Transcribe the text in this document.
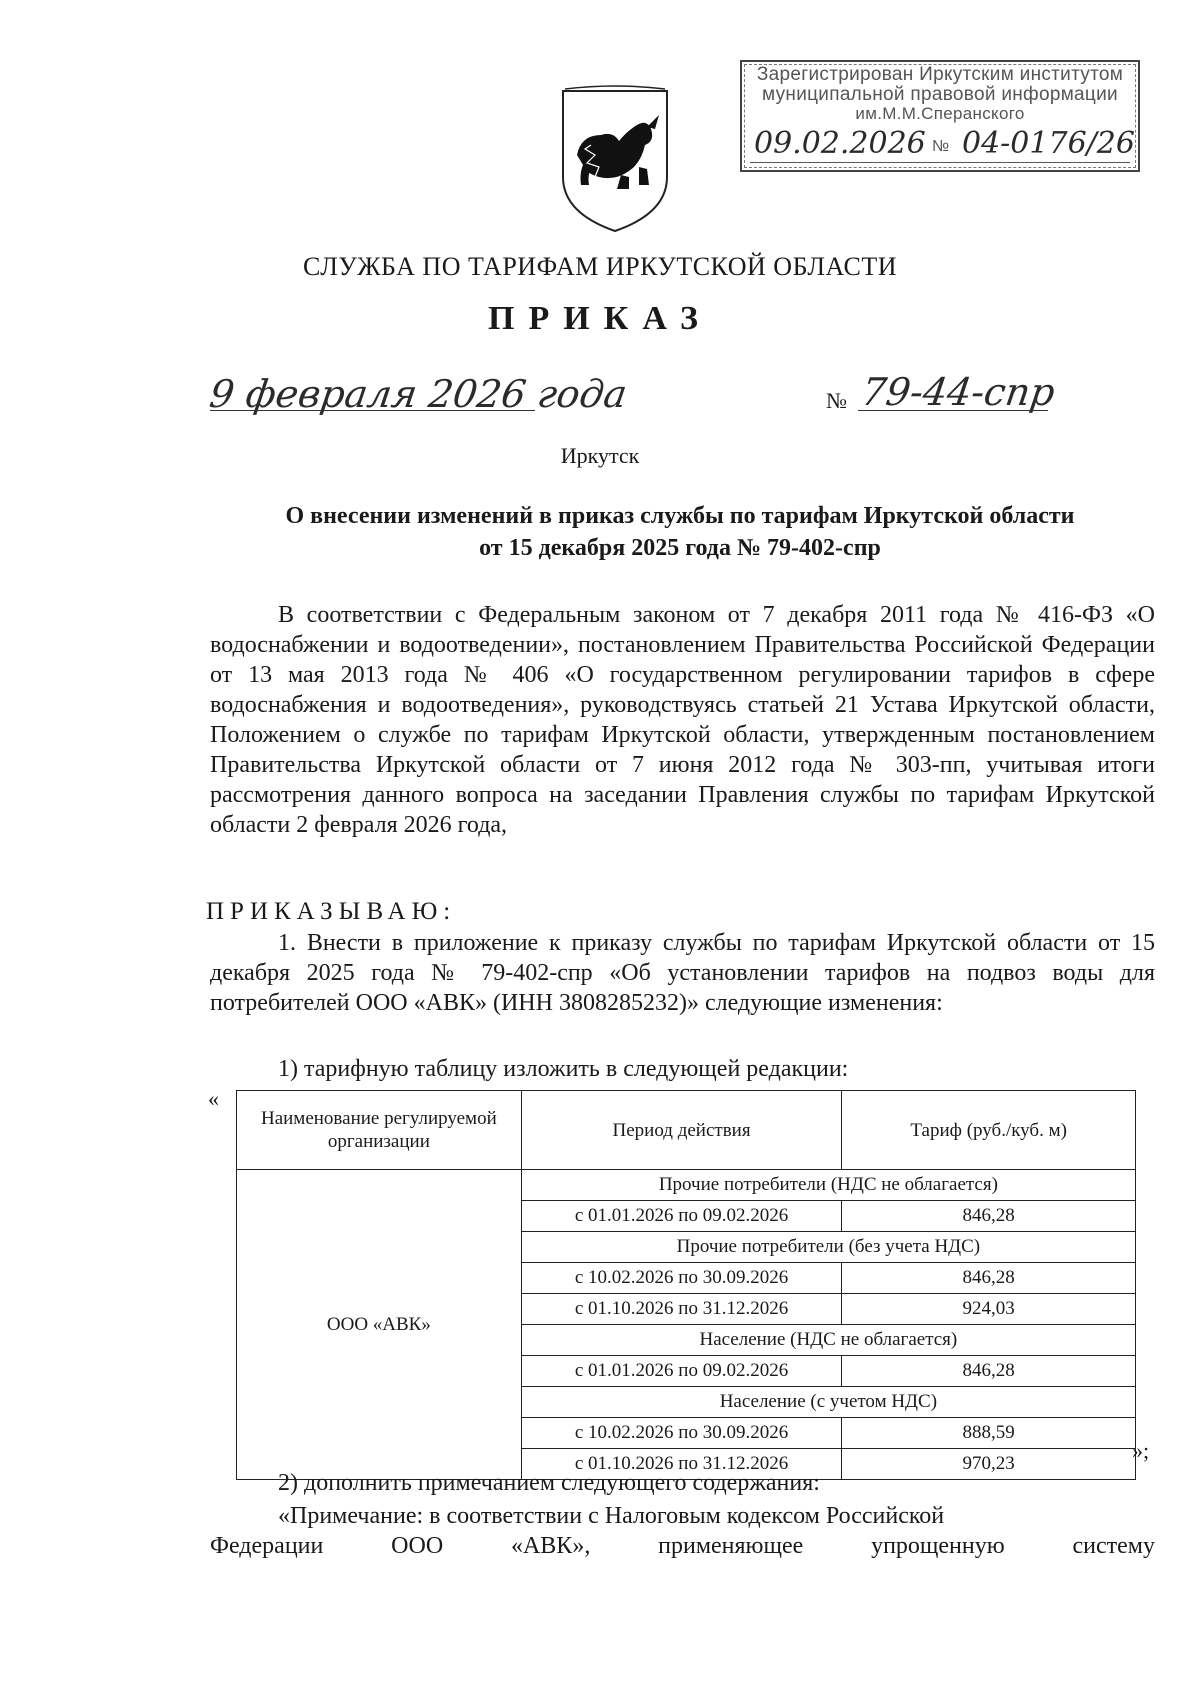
Зарегистрирован Иркутским институтом
муниципальной правовой информации
им.М.М.Сперанского
09.02.2026 № 04-0176/26
СЛУЖБА ПО ТАРИФАМ ИРКУТСКОЙ ОБЛАСТИ
ПРИКАЗ
9 февраля 2026 года	№ 79-44-спр
Иркутск
О внесении изменений в приказ службы по тарифам Иркутской области
от 15 декабря 2025 года № 79-402-спр
В соответствии с Федеральным законом от 7 декабря 2011 года № 416-ФЗ «О водоснабжении и водоотведении», постановлением Правительства Российской Федерации от 13 мая 2013 года № 406 «О государственном регулировании тарифов в сфере водоснабжения и водоотведения», руководствуясь статьей 21 Устава Иркутской области, Положением о службе по тарифам Иркутской области, утвержденным постановлением Правительства Иркутской области от 7 июня 2012 года № 303-пп, учитывая итоги рассмотрения данного вопроса на заседании Правления службы по тарифам Иркутской области 2 февраля 2026 года,
ПРИКАЗЫВАЮ:
1. Внести в приложение к приказу службы по тарифам Иркутской области от 15 декабря 2025 года № 79-402-спр «Об установлении тарифов на подвоз воды для потребителей ООО «АВК» (ИНН 3808285232)» следующие изменения:
1) тарифную таблицу изложить в следующей редакции:
«
Наименование регулируемой организации	Период действия	Тариф (руб./куб. м)
ООО «АВК»	Прочие потребители (НДС не облагается)	
	с 01.01.2026 по 09.02.2026	846,28
	Прочие потребители (без учета НДС)	
	с 10.02.2026 по 30.09.2026	846,28
	с 01.10.2026 по 31.12.2026	924,03
	Население (НДС не облагается)	
	с 01.01.2026 по 09.02.2026	846,28
	Население (с учетом НДС)	
	с 10.02.2026 по 30.09.2026	888,59
	с 01.10.2026 по 31.12.2026	970,23
»;
2) дополнить примечанием следующего содержания:
«Примечание: в соответствии с Налоговым кодексом Российской
Федерации	ООО	«АВК»,	применяющее	упрощенную	систему
